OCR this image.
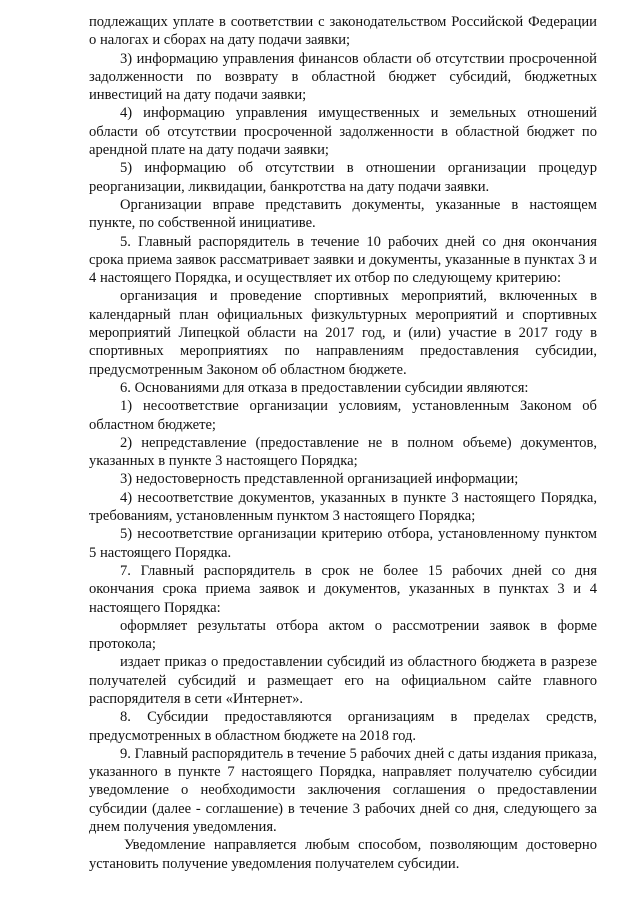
подлежащих уплате в соответствии с законодательством Российской Федерации о налогах и сборах на дату подачи заявки;

3) информацию управления финансов области об отсутствии просроченной задолженности по возврату в областной бюджет субсидий, бюджетных инвестиций на дату подачи заявки;

4) информацию управления имущественных и земельных отношений области об отсутствии просроченной задолженности в областной бюджет по арендной плате на дату подачи заявки;

5) информацию об отсутствии в отношении организации процедур реорганизации, ликвидации, банкротства на дату подачи заявки.

Организации вправе представить документы, указанные в настоящем пункте, по собственной инициативе.

5. Главный распорядитель в течение 10 рабочих дней со дня окончания срока приема заявок рассматривает заявки и документы, указанные в пунктах 3 и 4 настоящего Порядка, и осуществляет их отбор по следующему критерию:

организация и проведение спортивных мероприятий, включенных в календарный план официальных физкультурных мероприятий и спортивных мероприятий Липецкой области на 2017 год, и (или) участие в 2017 году в спортивных мероприятиях по направлениям предоставления субсидии, предусмотренным Законом об областном бюджете.

6. Основаниями для отказа в предоставлении субсидии являются:

1) несоответствие организации условиям, установленным Законом об областном бюджете;

2) непредставление (предоставление не в полном объеме) документов, указанных в пункте 3 настоящего Порядка;

3) недостоверность представленной организацией информации;

4) несоответствие документов, указанных в пункте 3 настоящего Порядка, требованиям, установленным пунктом 3 настоящего Порядка;

5) несоответствие организации критерию отбора, установленному пунктом 5 настоящего Порядка.

7. Главный распорядитель в срок не более 15 рабочих дней со дня окончания срока приема заявок и документов, указанных в пунктах 3 и 4 настоящего Порядка:

оформляет результаты отбора актом о рассмотрении заявок в форме протокола;

издает приказ о предоставлении субсидий из областного бюджета в разрезе получателей субсидий и размещает его на официальном сайте главного распорядителя в сети «Интернет».

8. Субсидии предоставляются организациям в пределах средств, предусмотренных в областном бюджете на 2018 год.

9. Главный распорядитель в течение 5 рабочих дней с даты издания приказа, указанного в пункте 7 настоящего Порядка, направляет получателю субсидии уведомление о необходимости заключения соглашения о предоставлении субсидии (далее - соглашение) в течение 3 рабочих дней со дня, следующего за днем получения уведомления.

Уведомление направляется любым способом, позволяющим достоверно установить получение уведомления получателем субсидии.
